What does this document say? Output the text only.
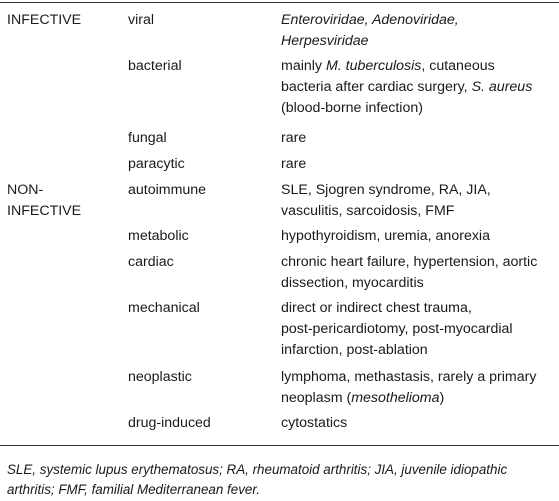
INFECTIVE	viral	Enteroviridae, Adenoviridae,
Herpesviridae
bacterial	mainly M. tuberculosis, cutaneous
bacteria after cardiac surgery, S. aureus
(blood-borne infection)
fungal	rare
paracytic	rare
NON-
INFECTIVE
autoimmune	SLE, Sjogren syndrome, RA, JIA,
vasculitis, sarcoidosis, FMF
metabolic	hypothyroidism, uremia, anorexia
cardiac	chronic heart failure, hypertension, aortic
dissection, myocarditis
mechanical	direct or indirect chest trauma,
post-pericardiotomy, post-myocardial
infarction, post-ablation
neoplastic	lymphoma, methastasis, rarely a primary
neoplasm (mesothelioma)
drug-induced	cytostatics
SLE, systemic lupus erythematosus; RA, rheumatoid arthritis; JIA, juvenile idiopathic
arthritis; FMF, familial Mediterranean fever.
